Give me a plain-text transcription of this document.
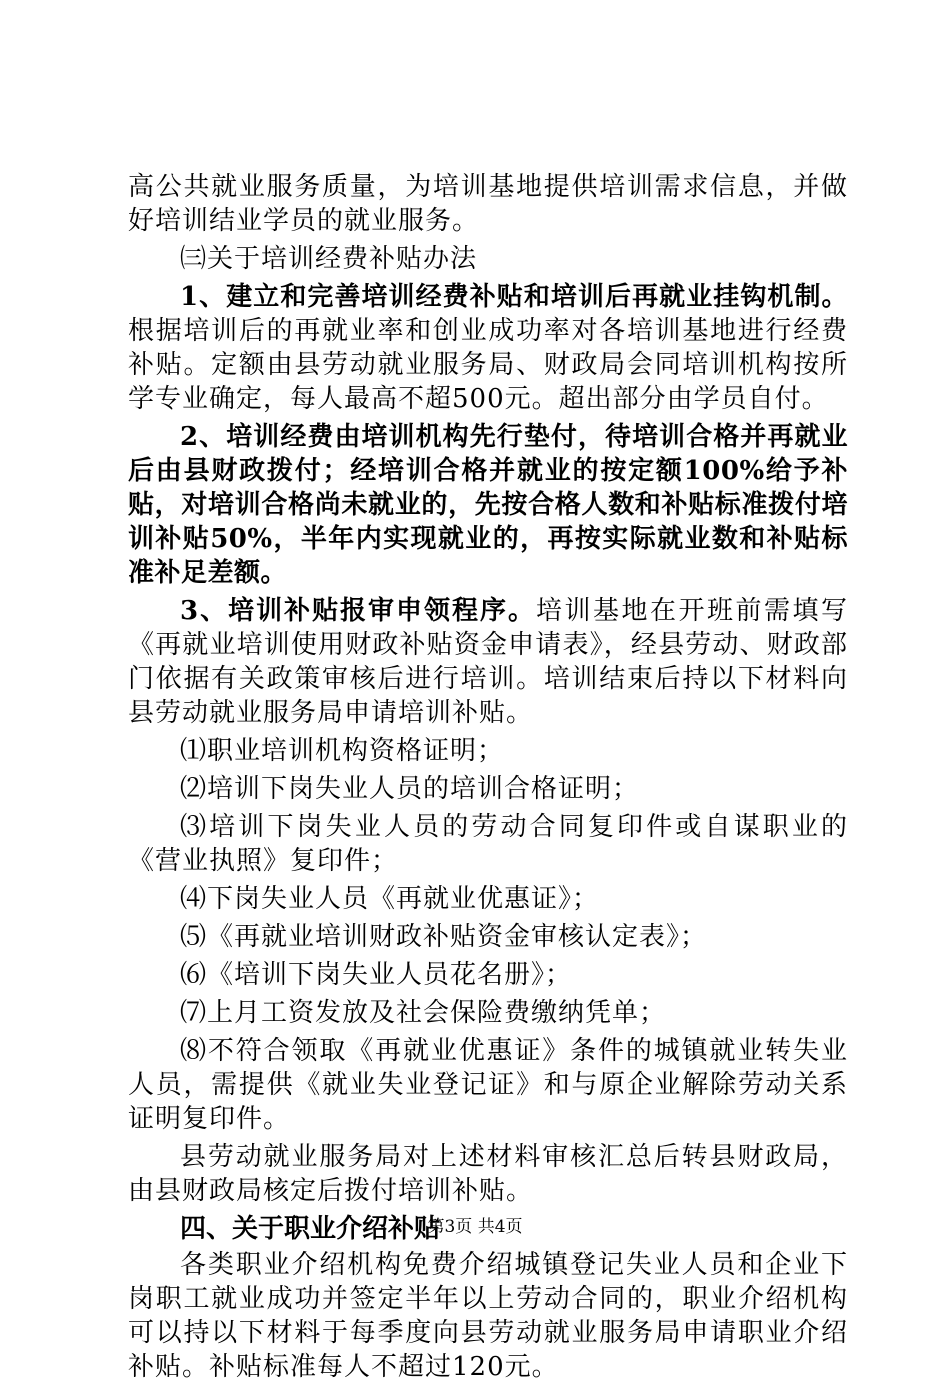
高公共就业服务质量，为培训基地提供培训需求信息，并做好培训结业学员的就业服务。

㈢关于培训经费补贴办法

1、建立和完善培训经费补贴和培训后再就业挂钩机制。根据培训后的再就业率和创业成功率对各培训基地进行经费补贴。定额由县劳动就业服务局、财政局会同培训机构按所学专业确定，每人最高不超500元。超出部分由学员自付。

2、培训经费由培训机构先行垫付，待培训合格并再就业后由县财政拨付；经培训合格并就业的按定额100%给予补贴，对培训合格尚未就业的，先按合格人数和补贴标准拨付培训补贴50%，半年内实现就业的，再按实际就业数和补贴标准补足差额。

3、培训补贴报审申领程序。培训基地在开班前需填写《再就业培训使用财政补贴资金申请表》，经县劳动、财政部门依据有关政策审核后进行培训。培训结束后持以下材料向县劳动就业服务局申请培训补贴。

⑴职业培训机构资格证明；

⑵培训下岗失业人员的培训合格证明；

⑶培训下岗失业人员的劳动合同复印件或自谋职业的《营业执照》复印件；

⑷下岗失业人员《再就业优惠证》；

⑸《再就业培训财政补贴资金审核认定表》；

⑹《培训下岗失业人员花名册》；

⑺上月工资发放及社会保险费缴纳凭单；

⑻不符合领取《再就业优惠证》条件的城镇就业转失业人员，需提供《就业失业登记证》和与原企业解除劳动关系证明复印件。

县劳动就业服务局对上述材料审核汇总后转县财政局，由县财政局核定后拨付培训补贴。

四、关于职业介绍补贴

各类职业介绍机构免费介绍城镇登记失业人员和企业下岗职工就业成功并签定半年以上劳动合同的，职业介绍机构可以持以下材料于每季度向县劳动就业服务局申请职业介绍补贴。补贴标准每人不超过120元。

第3页 共4页
